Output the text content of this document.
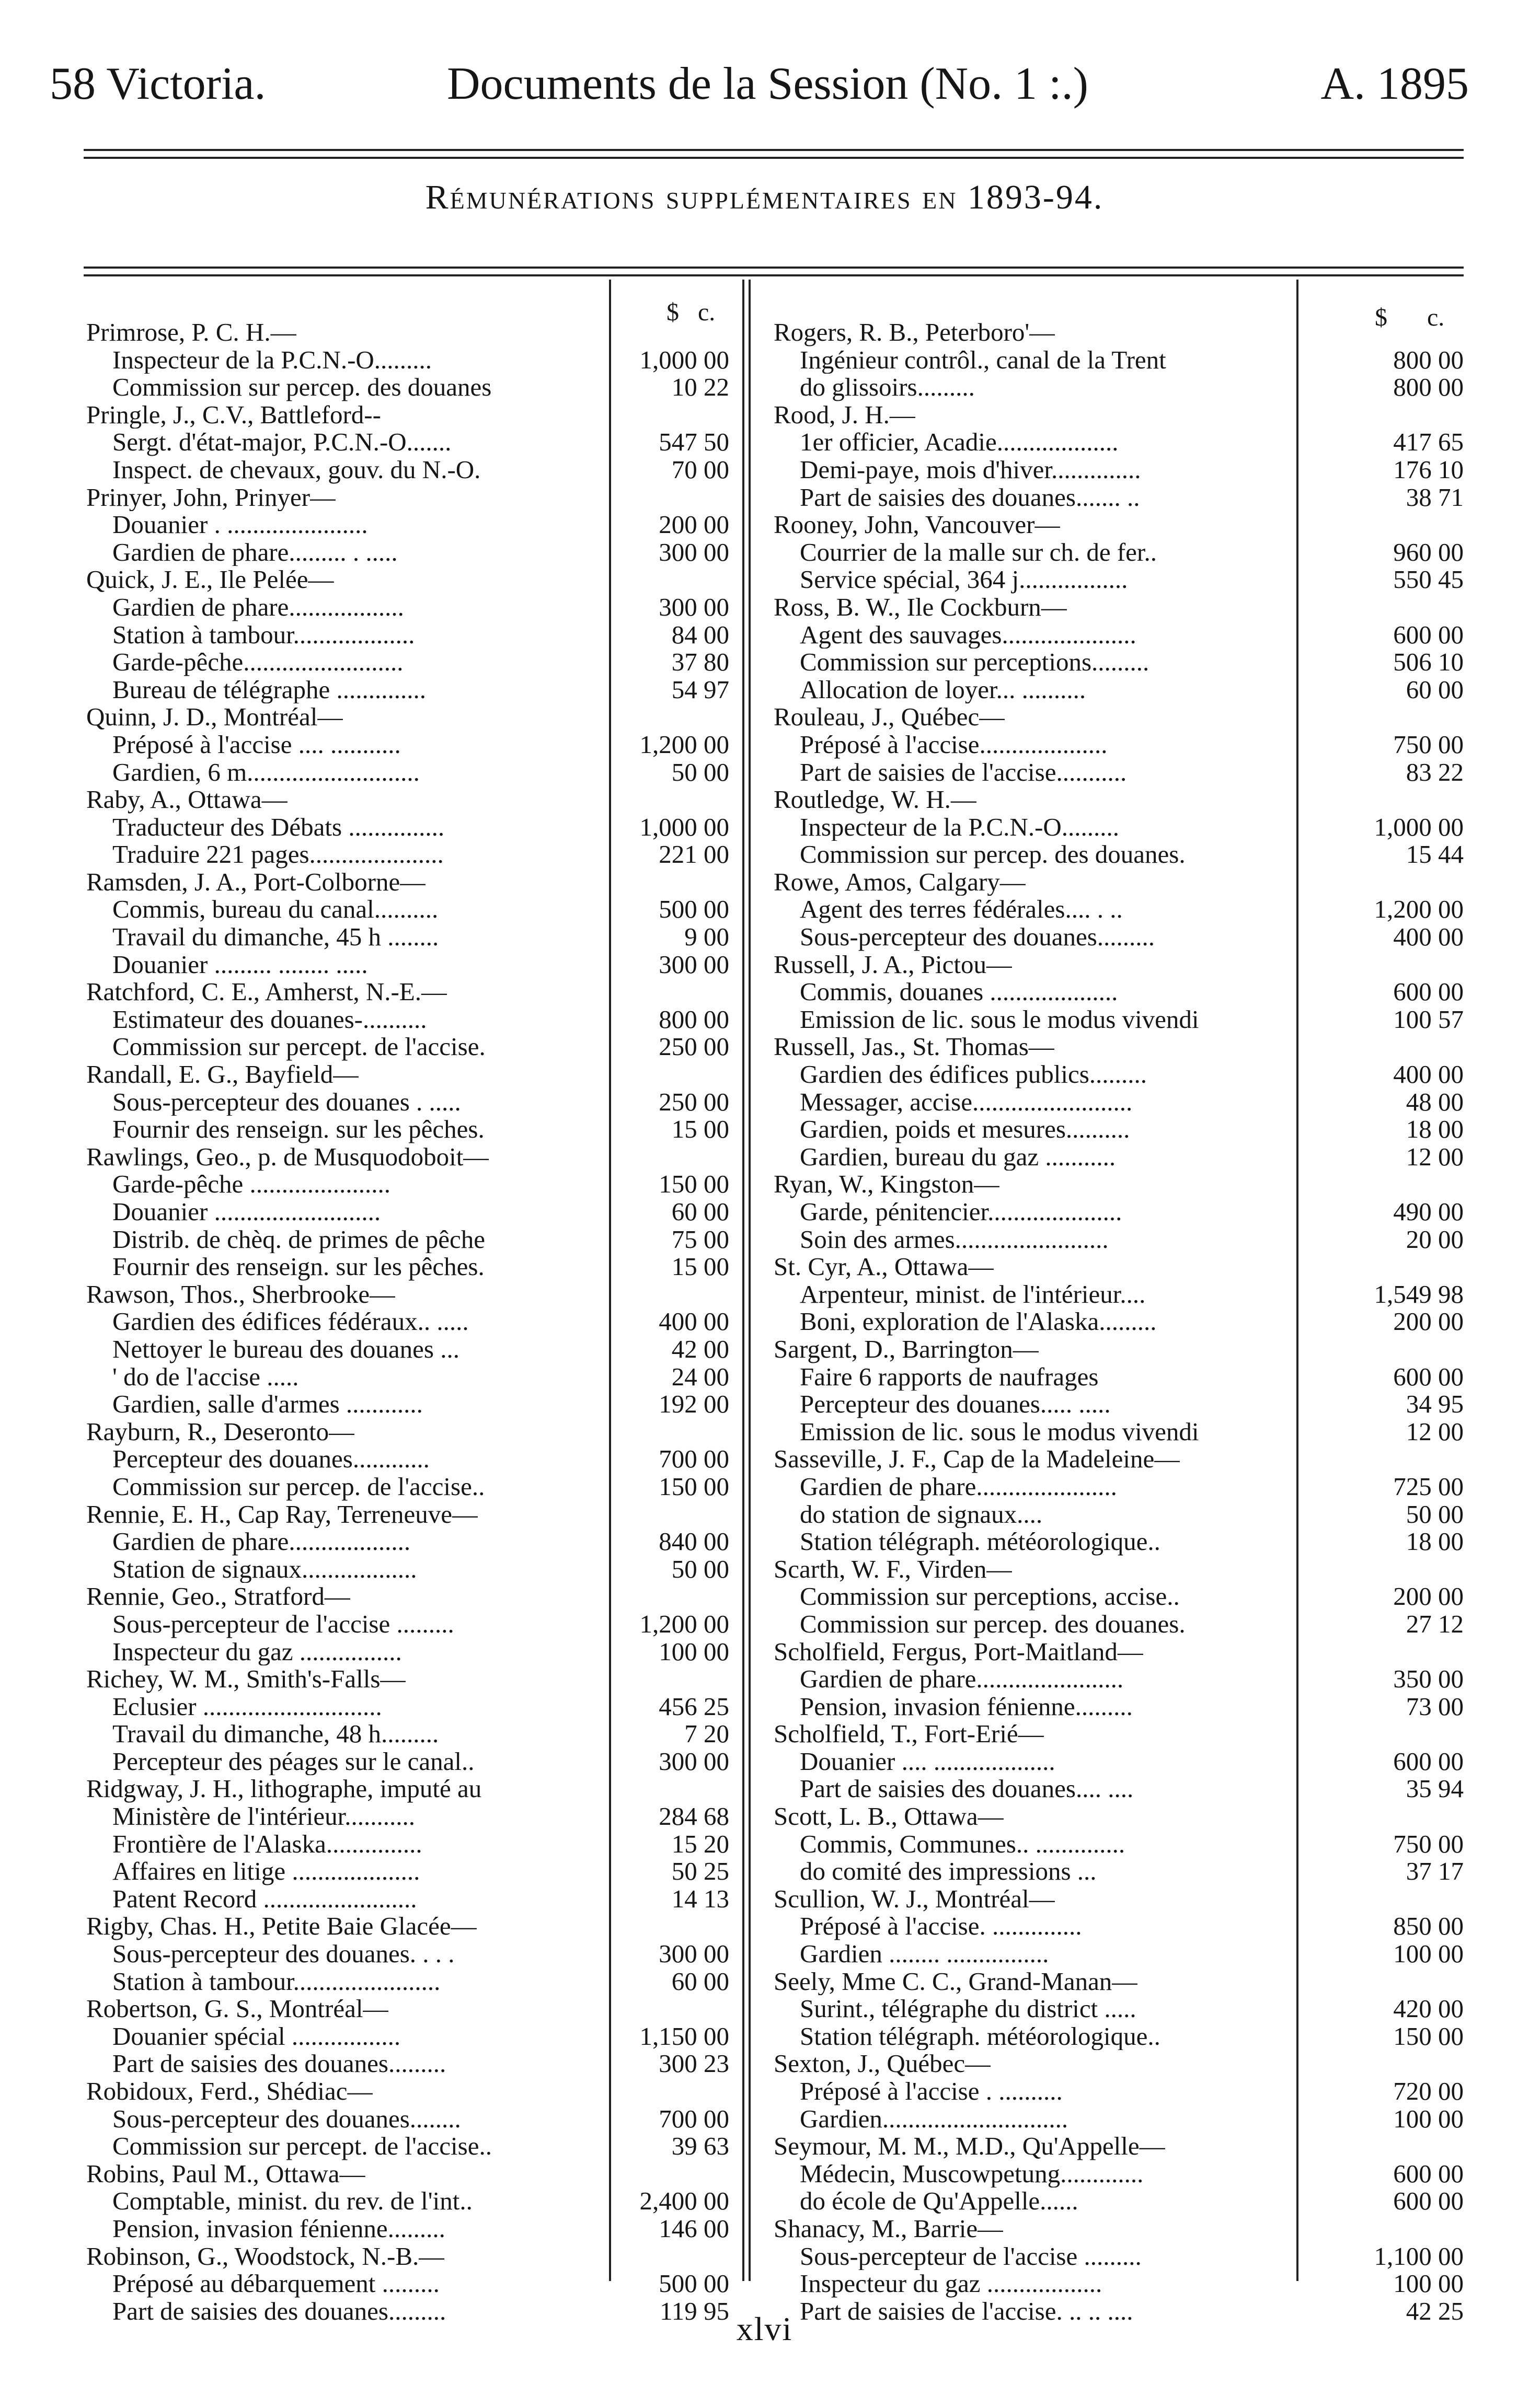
58 Victoria.	Documents de la Session (No. 1 :.)	A. 1895
Rémunérations supplémentaires en 1893-94.
$ c.
Primrose, P. C. H.—
Inspecteur de la P.C.N.-O.........	1,000 00
Commission sur percep. des douanes	10 22
Pringle, J., C.V., Battleford--
Sergt. d'état-major, P.C.N.-O.......	547 50
Inspect. de chevaux, gouv. du N.-O.	70 00
Prinyer, John, Prinyer—
Douanier . ......................	200 00
Gardien de phare......... . .....	300 00
Quick, J. E., Ile Pelée—
Gardien de phare..................	300 00
Station à tambour...................	84 00
Garde-pêche.........................	37 80
Bureau de télégraphe ..............	54 97
Quinn, J. D., Montréal—
Préposé à l'accise .... ...........	1,200 00
Gardien, 6 m...........................	50 00
Raby, A., Ottawa—
Traducteur des Débats ...............	1,000 00
Traduire 221 pages.....................	221 00
Ramsden, J. A., Port-Colborne—
Commis, bureau du canal..........	500 00
Travail du dimanche, 45 h ........	9 00
Douanier ......... ........ .....	300 00
Ratchford, C. E., Amherst, N.-E.—
Estimateur des douanes-..........	800 00
Commission sur percept. de l'accise.	250 00
Randall, E. G., Bayfield—
Sous-percepteur des douanes . .....	250 00
Fournir des renseign. sur les pêches.	15 00
Rawlings, Geo., p. de Musquodoboit—
Garde-pêche ......................	150 00
Douanier ..........................	60 00
Distrib. de chèq. de primes de pêche	75 00
Fournir des renseign. sur les pêches.	15 00
Rawson, Thos., Sherbrooke—
Gardien des édifices fédéraux.. .....	400 00
Nettoyer le bureau des douanes ...	42 00
' do de l'accise .....	24 00
Gardien, salle d'armes ............	192 00
Rayburn, R., Deseronto—
Percepteur des douanes............	700 00
Commission sur percep. de l'accise..	150 00
Rennie, E. H., Cap Ray, Terreneuve—
Gardien de phare...................	840 00
Station de signaux..................	50 00
Rennie, Geo., Stratford—
Sous-percepteur de l'accise .........	1,200 00
Inspecteur du gaz ................	100 00
Richey, W. M., Smith's-Falls—
Eclusier ............................	456 25
Travail du dimanche, 48 h.........	7 20
Percepteur des péages sur le canal..	300 00
Ridgway, J. H., lithographe, imputé au
Ministère de l'intérieur...........	284 68
Frontière de l'Alaska...............	15 20
Affaires en litige ....................	50 25
Patent Record ........................	14 13
Rigby, Chas. H., Petite Baie Glacée—
Sous-percepteur des douanes. . . .	300 00
Station à tambour.......................	60 00
Robertson, G. S., Montréal—
Douanier spécial .................	1,150 00
Part de saisies des douanes.........	300 23
Robidoux, Ferd., Shédiac—
Sous-percepteur des douanes........	700 00
Commission sur percept. de l'accise..	39 63
Robins, Paul M., Ottawa—
Comptable, minist. du rev. de l'int..	2,400 00
Pension, invasion fénienne.........	146 00
Robinson, G., Woodstock, N.-B.—
Préposé au débarquement .........	500 00
Part de saisies des douanes.........	119 95
$ c.
Rogers, R. B., Peterboro'—
Ingénieur contrôl., canal de la Trent	800 00
do glissoirs.........	800 00
Rood, J. H.—
1er officier, Acadie...................	417 65
Demi-paye, mois d'hiver..............	176 10
Part de saisies des douanes....... ..	38 71
Rooney, John, Vancouver—
Courrier de la malle sur ch. de fer..	960 00
Service spécial, 364 j.................	550 45
Ross, B. W., Ile Cockburn—
Agent des sauvages.....................	600 00
Commission sur perceptions.........	506 10
Allocation de loyer... ..........	60 00
Rouleau, J., Québec—
Préposé à l'accise....................	750 00
Part de saisies de l'accise...........	83 22
Routledge, W. H.—
Inspecteur de la P.C.N.-O.........	1,000 00
Commission sur percep. des douanes.	15 44
Rowe, Amos, Calgary—
Agent des terres fédérales.... . ..	1,200 00
Sous-percepteur des douanes.........	400 00
Russell, J. A., Pictou—
Commis, douanes ....................	600 00
Emission de lic. sous le modus vivendi	100 57
Russell, Jas., St. Thomas—
Gardien des édifices publics.........	400 00
Messager, accise.........................	48 00
Gardien, poids et mesures..........	18 00
Gardien, bureau du gaz ...........	12 00
Ryan, W., Kingston—
Garde, pénitencier.....................	490 00
Soin des armes........................	20 00
St. Cyr, A., Ottawa—
Arpenteur, minist. de l'intérieur....	1,549 98
Boni, exploration de l'Alaska.........	200 00
Sargent, D., Barrington—
Faire 6 rapports de naufrages	600 00
Percepteur des douanes..... .....	34 95
Emission de lic. sous le modus vivendi	12 00
Sasseville, J. F., Cap de la Madeleine—
Gardien de phare......................	725 00
do station de signaux....	50 00
Station télégraph. météorologique..	18 00
Scarth, W. F., Virden—
Commission sur perceptions, accise..	200 00
Commission sur percep. des douanes.	27 12
Scholfield, Fergus, Port-Maitland—
Gardien de phare.......................	350 00
Pension, invasion fénienne.........	73 00
Scholfield, T., Fort-Erié—
Douanier .... ...................	600 00
Part de saisies des douanes.... ....	35 94
Scott, L. B., Ottawa—
Commis, Communes.. ..............	750 00
do comité des impressions ...	37 17
Scullion, W. J., Montréal—
Préposé à l'accise. ..............	850 00
Gardien ........ ................	100 00
Seely, Mme C. C., Grand-Manan—
Surint., télégraphe du district .....	420 00
Station télégraph. météorologique..	150 00
Sexton, J., Québec—
Préposé à l'accise . ..........	720 00
Gardien.............................	100 00
Seymour, M. M., M.D., Qu'Appelle—
Médecin, Muscowpetung.............	600 00
do école de Qu'Appelle......	600 00
Shanacy, M., Barrie—
Sous-percepteur de l'accise .........	1,100 00
Inspecteur du gaz ..................	100 00
Part de saisies de l'accise. .. .. ....	42 25
xlvi
